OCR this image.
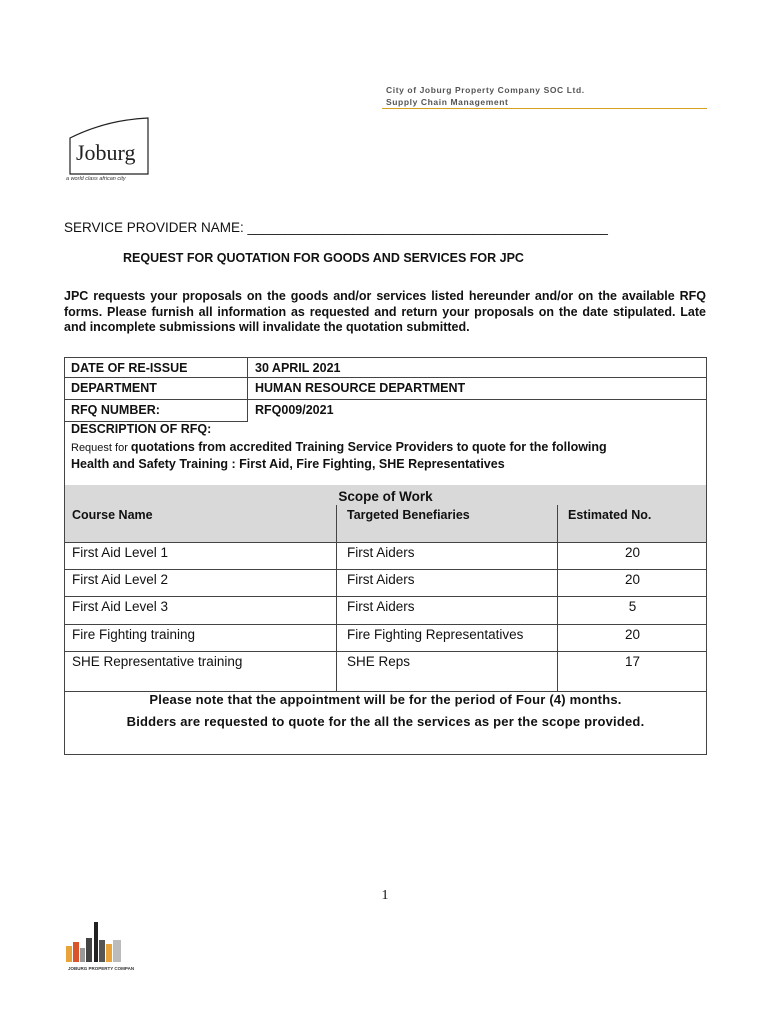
City of Joburg Property Company SOC Ltd.
Supply Chain Management
Joburg
a world class african city
SERVICE PROVIDER NAME: ________________________________________________
REQUEST FOR QUOTATION FOR GOODS AND SERVICES FOR JPC
JPC requests your proposals on the goods and/or services listed hereunder and/or on the available RFQ forms. Please furnish all information as requested and return your proposals on the date stipulated. Late and incomplete submissions will invalidate the quotation submitted.
DATE OF RE-ISSUE	30 APRIL 2021
DEPARTMENT	HUMAN RESOURCE DEPARTMENT
RFQ NUMBER:	RFQ009/2021
DESCRIPTION OF RFQ:
Request for quotations from accredited Training Service Providers to quote for the following
Health and Safety Training : First Aid, Fire Fighting, SHE Representatives
Scope of Work
Course Name	Targeted Benefiaries	Estimated No.
First Aid Level 1	First Aiders	20
First Aid Level 2	First Aiders	20
First Aid Level 3	First Aiders	5
Fire Fighting training	Fire Fighting Representatives	20
SHE Representative training	SHE Reps	17
Please note that the appointment will be for the period of Four (4) months.
Bidders are requested to quote for the all the services as per the scope provided.
1
JOBURG PROPERTY COMPANY
